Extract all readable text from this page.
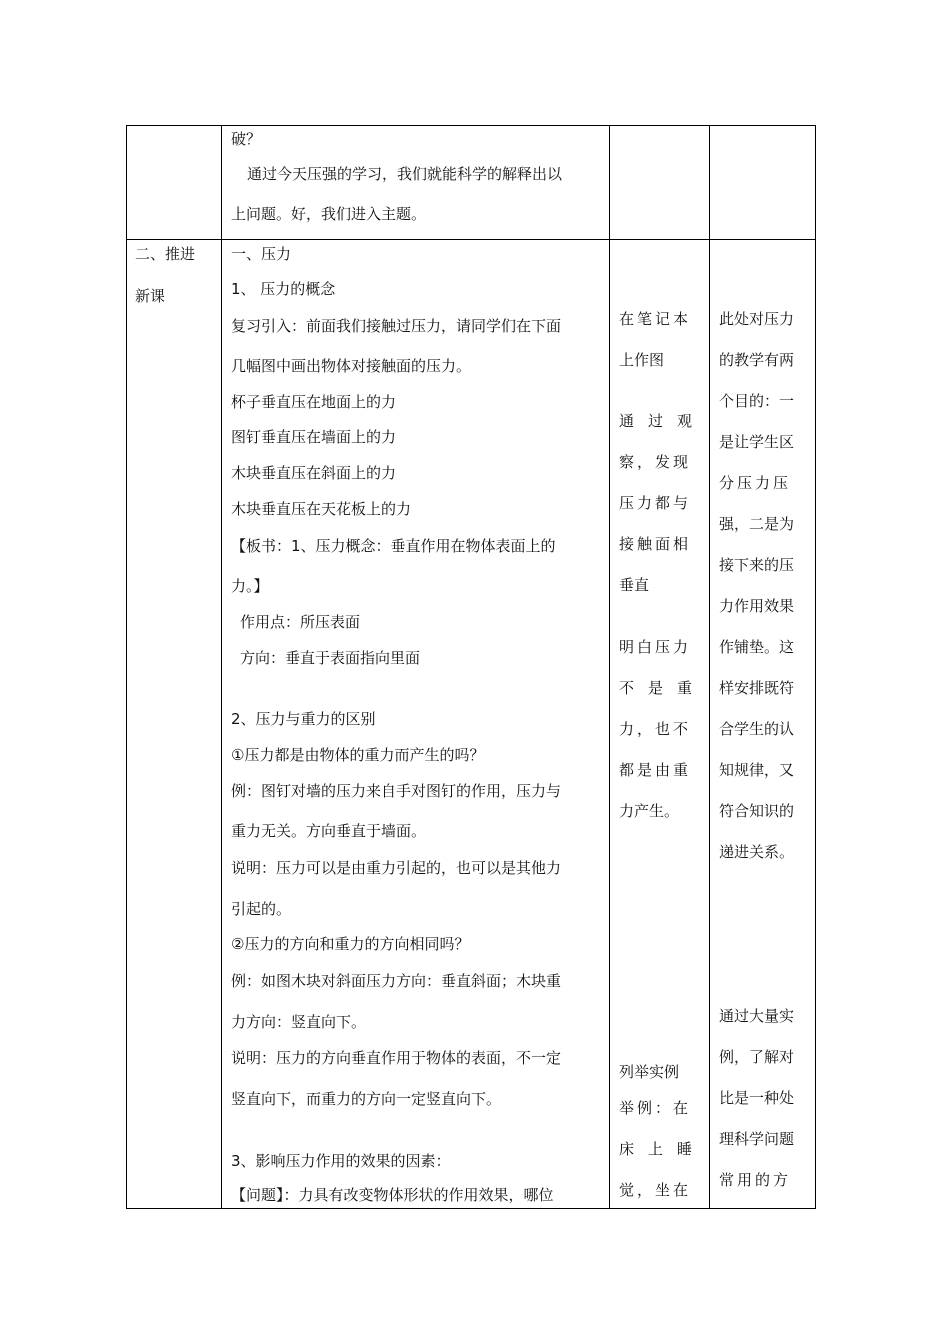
破？
通过今天压强的学习，我们就能科学的解释出以
上问题。好，我们进入主题。
二、推进
新课
一、压力
1、 压力的概念
复习引入：前面我们接触过压力，请同学们在下面
几幅图中画出物体对接触面的压力。
杯子垂直压在地面上的力
图钉垂直压在墙面上的力
木块垂直压在斜面上的力
木块垂直压在天花板上的力
【板书：1、压力概念：垂直作用在物体表面上的
力。】
作用点：所压表面
方向：垂直于表面指向里面
2、压力与重力的区别
①压力都是由物体的重力而产生的吗？
例：图钉对墙的压力来自手对图钉的作用，压力与
重力无关。方向垂直于墙面。
说明：压力可以是由重力引起的，也可以是其他力
引起的。
②压力的方向和重力的方向相同吗？
例：如图木块对斜面压力方向：垂直斜面；木块重
力方向：竖直向下。
说明：压力的方向垂直作用于物体的表面，不一定
竖直向下，而重力的方向一定竖直向下。
3、影响压力作用的效果的因素：
【问题】：力具有改变物体形状的作用效果，哪位
在笔记本
上作图
通过观
察，发现
压力都与
接触面相
垂直
明白压力
不是重
力，也不
都是由重
力产生。
列举实例
举例：在
床上睡
觉，坐在
此处对压力
的教学有两
个目的：一
是让学生区
分压力压
强，二是为
接下来的压
力作用效果
作铺垫。这
样安排既符
合学生的认
知规律，又
符合知识的
递进关系。
通过大量实
例，了解对
比是一种处
理科学问题
常用的方
